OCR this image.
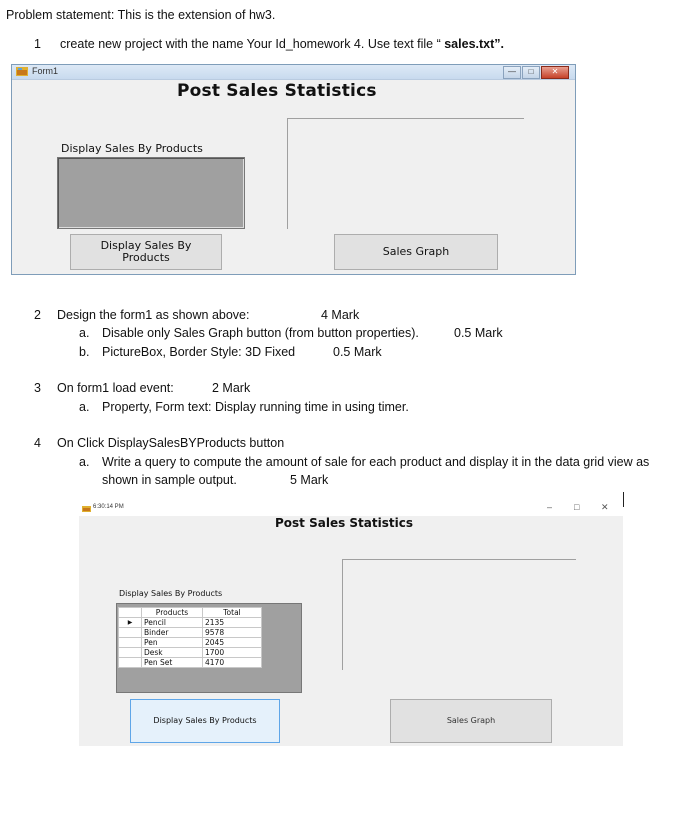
Problem statement: This is the extension of hw3.
1 create new project with the name Your Id_homework 4. Use text file “ sales.txt”.
Form1	—	□	✕
Post Sales Statistics
Display Sales By Products
Display Sales By
Products	Sales Graph
2 Design the form1 as shown above:	4 Mark
a. Disable only Sales Graph button (from button properties).	0.5 Mark
b. PictureBox, Border Style: 3D Fixed	0.5 Mark
3 On form1 load event:	2 Mark
a. Property, Form text: Display running time in using timer.
4 On Click DisplaySalesBYProducts button
a. Write a query to compute the amount of sale for each product and display it in the data grid view as
shown in sample output.	5 Mark
6:30:14 PM	– □ ✕
Post Sales Statistics
Display Sales By Products
	Products	Total
▶	Pencil	2135
	Binder	9578
	Pen	2045
	Desk	1700
	Pen Set	4170
Display Sales By Products	Sales Graph
